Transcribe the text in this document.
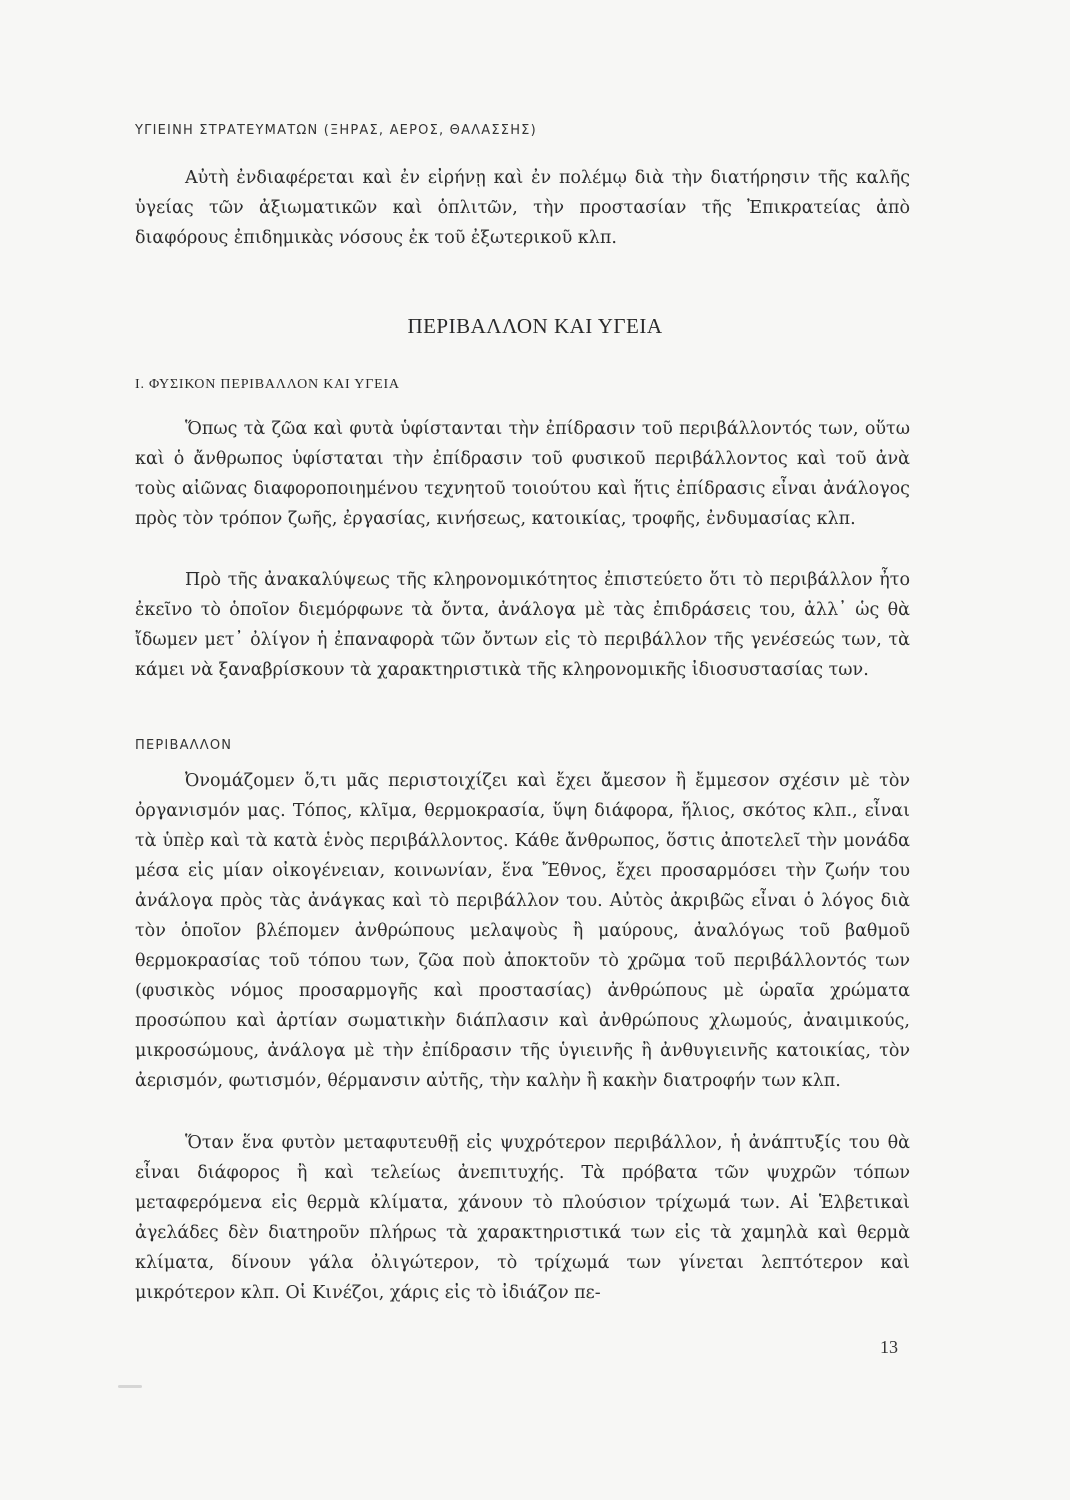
ΥΓΙΕΙΝΗ ΣΤΡΑΤΕΥΜΑΤΩΝ (ΞΗΡΑΣ, ΑΕΡΟΣ, ΘΑΛΑΣΣΗΣ)

Αὐτὴ ἐνδιαφέρεται καὶ ἐν εἰρήνῃ καὶ ἐν πολέμῳ διὰ τὴν διατήρησιν τῆς καλῆς ὑγείας τῶν ἀξιωματικῶν καὶ ὁπλιτῶν, τὴν προστασίαν τῆς Ἐπικρατείας ἀπὸ διαφόρους ἐπιδημικὰς νόσους ἐκ τοῦ ἐξωτερικοῦ κλπ.

ΠΕΡΙΒΑΛΛΟΝ ΚΑΙ ΥΓΕΙΑ
I. ΦΥΣΙΚΟΝ ΠΕΡΙΒΑΛΛΟΝ ΚΑΙ ΥΓΕΙΑ

Ὅπως τὰ ζῶα καὶ φυτὰ ὑφίστανται τὴν ἐπίδρασιν τοῦ περιβάλλοντός των, οὕτω καὶ ὁ ἄνθρωπος ὑφίσταται τὴν ἐπίδρασιν τοῦ φυσικοῦ περιβάλλοντος καὶ τοῦ ἀνὰ τοὺς αἰῶνας διαφοροποιημένου τεχνητοῦ τοιούτου καὶ ἥτις ἐπίδρασις εἶναι ἀνάλογος πρὸς τὸν τρόπον ζωῆς, ἐργασίας, κινήσεως, κατοικίας, τροφῆς, ἐνδυμασίας κλπ.

Πρὸ τῆς ἀνακαλύψεως τῆς κληρονομικότητος ἐπιστεύετο ὅτι τὸ περιβάλλον ἦτο ἐκεῖνο τὸ ὁποῖον διεμόρφωνε τὰ ὄντα, ἀνάλογα μὲ τὰς ἐπιδράσεις του, ἀλλ᾽ ὡς θὰ ἴδωμεν μετ᾽ ὀλίγον ἡ ἐπαναφορὰ τῶν ὄντων εἰς τὸ περιβάλλον τῆς γενέσεώς των, τὰ κάμει νὰ ξαναβρίσκουν τὰ χαρακτηριστικὰ τῆς κληρονομικῆς ἰδιοσυστασίας των.

ΠΕΡΙΒΑΛΛΟΝ

Ὀνομάζομεν ὅ,τι μᾶς περιστοιχίζει καὶ ἔχει ἄμεσον ἢ ἔμμεσον σχέσιν μὲ τὸν ὀργανισμόν μας. Τόπος, κλῖμα, θερμοκρασία, ὕψη διάφορα, ἥλιος, σκότος κλπ., εἶναι τὰ ὑπὲρ καὶ τὰ κατὰ ἑνὸς περιβάλλοντος. Κάθε ἄνθρωπος, ὅστις ἀποτελεῖ τὴν μονάδα μέσα εἰς μίαν οἰκογένειαν, κοινωνίαν, ἕνα Ἔθνος, ἔχει προσαρμόσει τὴν ζωήν του ἀνάλογα πρὸς τὰς ἀνάγκας καὶ τὸ περιβάλλον του. Αὐτὸς ἀκριβῶς εἶναι ὁ λόγος διὰ τὸν ὁποῖον βλέπομεν ἀνθρώπους μελαψοὺς ἢ μαύρους, ἀναλόγως τοῦ βαθμοῦ θερμοκρασίας τοῦ τόπου των, ζῶα ποὺ ἀποκτοῦν τὸ χρῶμα τοῦ περιβάλλοντός των (φυσικὸς νόμος προσαρμογῆς καὶ προστασίας) ἀνθρώπους μὲ ὡραῖα χρώματα προσώπου καὶ ἀρτίαν σωματικὴν διάπλασιν καὶ ἀνθρώπους χλωμούς, ἀναιμικούς, μικροσώμους, ἀνάλογα μὲ τὴν ἐπίδρασιν τῆς ὑγιεινῆς ἢ ἀνθυγιεινῆς κατοικίας, τὸν ἀερισμόν, φωτισμόν, θέρμανσιν αὐτῆς, τὴν καλὴν ἢ κακὴν διατροφήν των κλπ.

Ὅταν ἕνα φυτὸν μεταφυτευθῇ εἰς ψυχρότερον περιβάλλον, ἡ ἀνάπτυξίς του θὰ εἶναι διάφορος ἢ καὶ τελείως ἀνεπιτυχής. Τὰ πρόβατα τῶν ψυχρῶν τόπων μεταφερόμενα εἰς θερμὰ κλίματα, χάνουν τὸ πλούσιον τρίχωμά των. Αἱ Ἑλβετικαὶ ἀγελάδες δὲν διατηροῦν πλήρως τὰ χαρακτηριστικά των εἰς τὰ χαμηλὰ καὶ θερμὰ κλίματα, δίνουν γάλα ὀλιγώτερον, τὸ τρίχωμά των γίνεται λεπτότερον καὶ μικρότερον κλπ. Οἱ Κινέζοι, χάρις εἰς τὸ ἰδιάζον πε-

13
